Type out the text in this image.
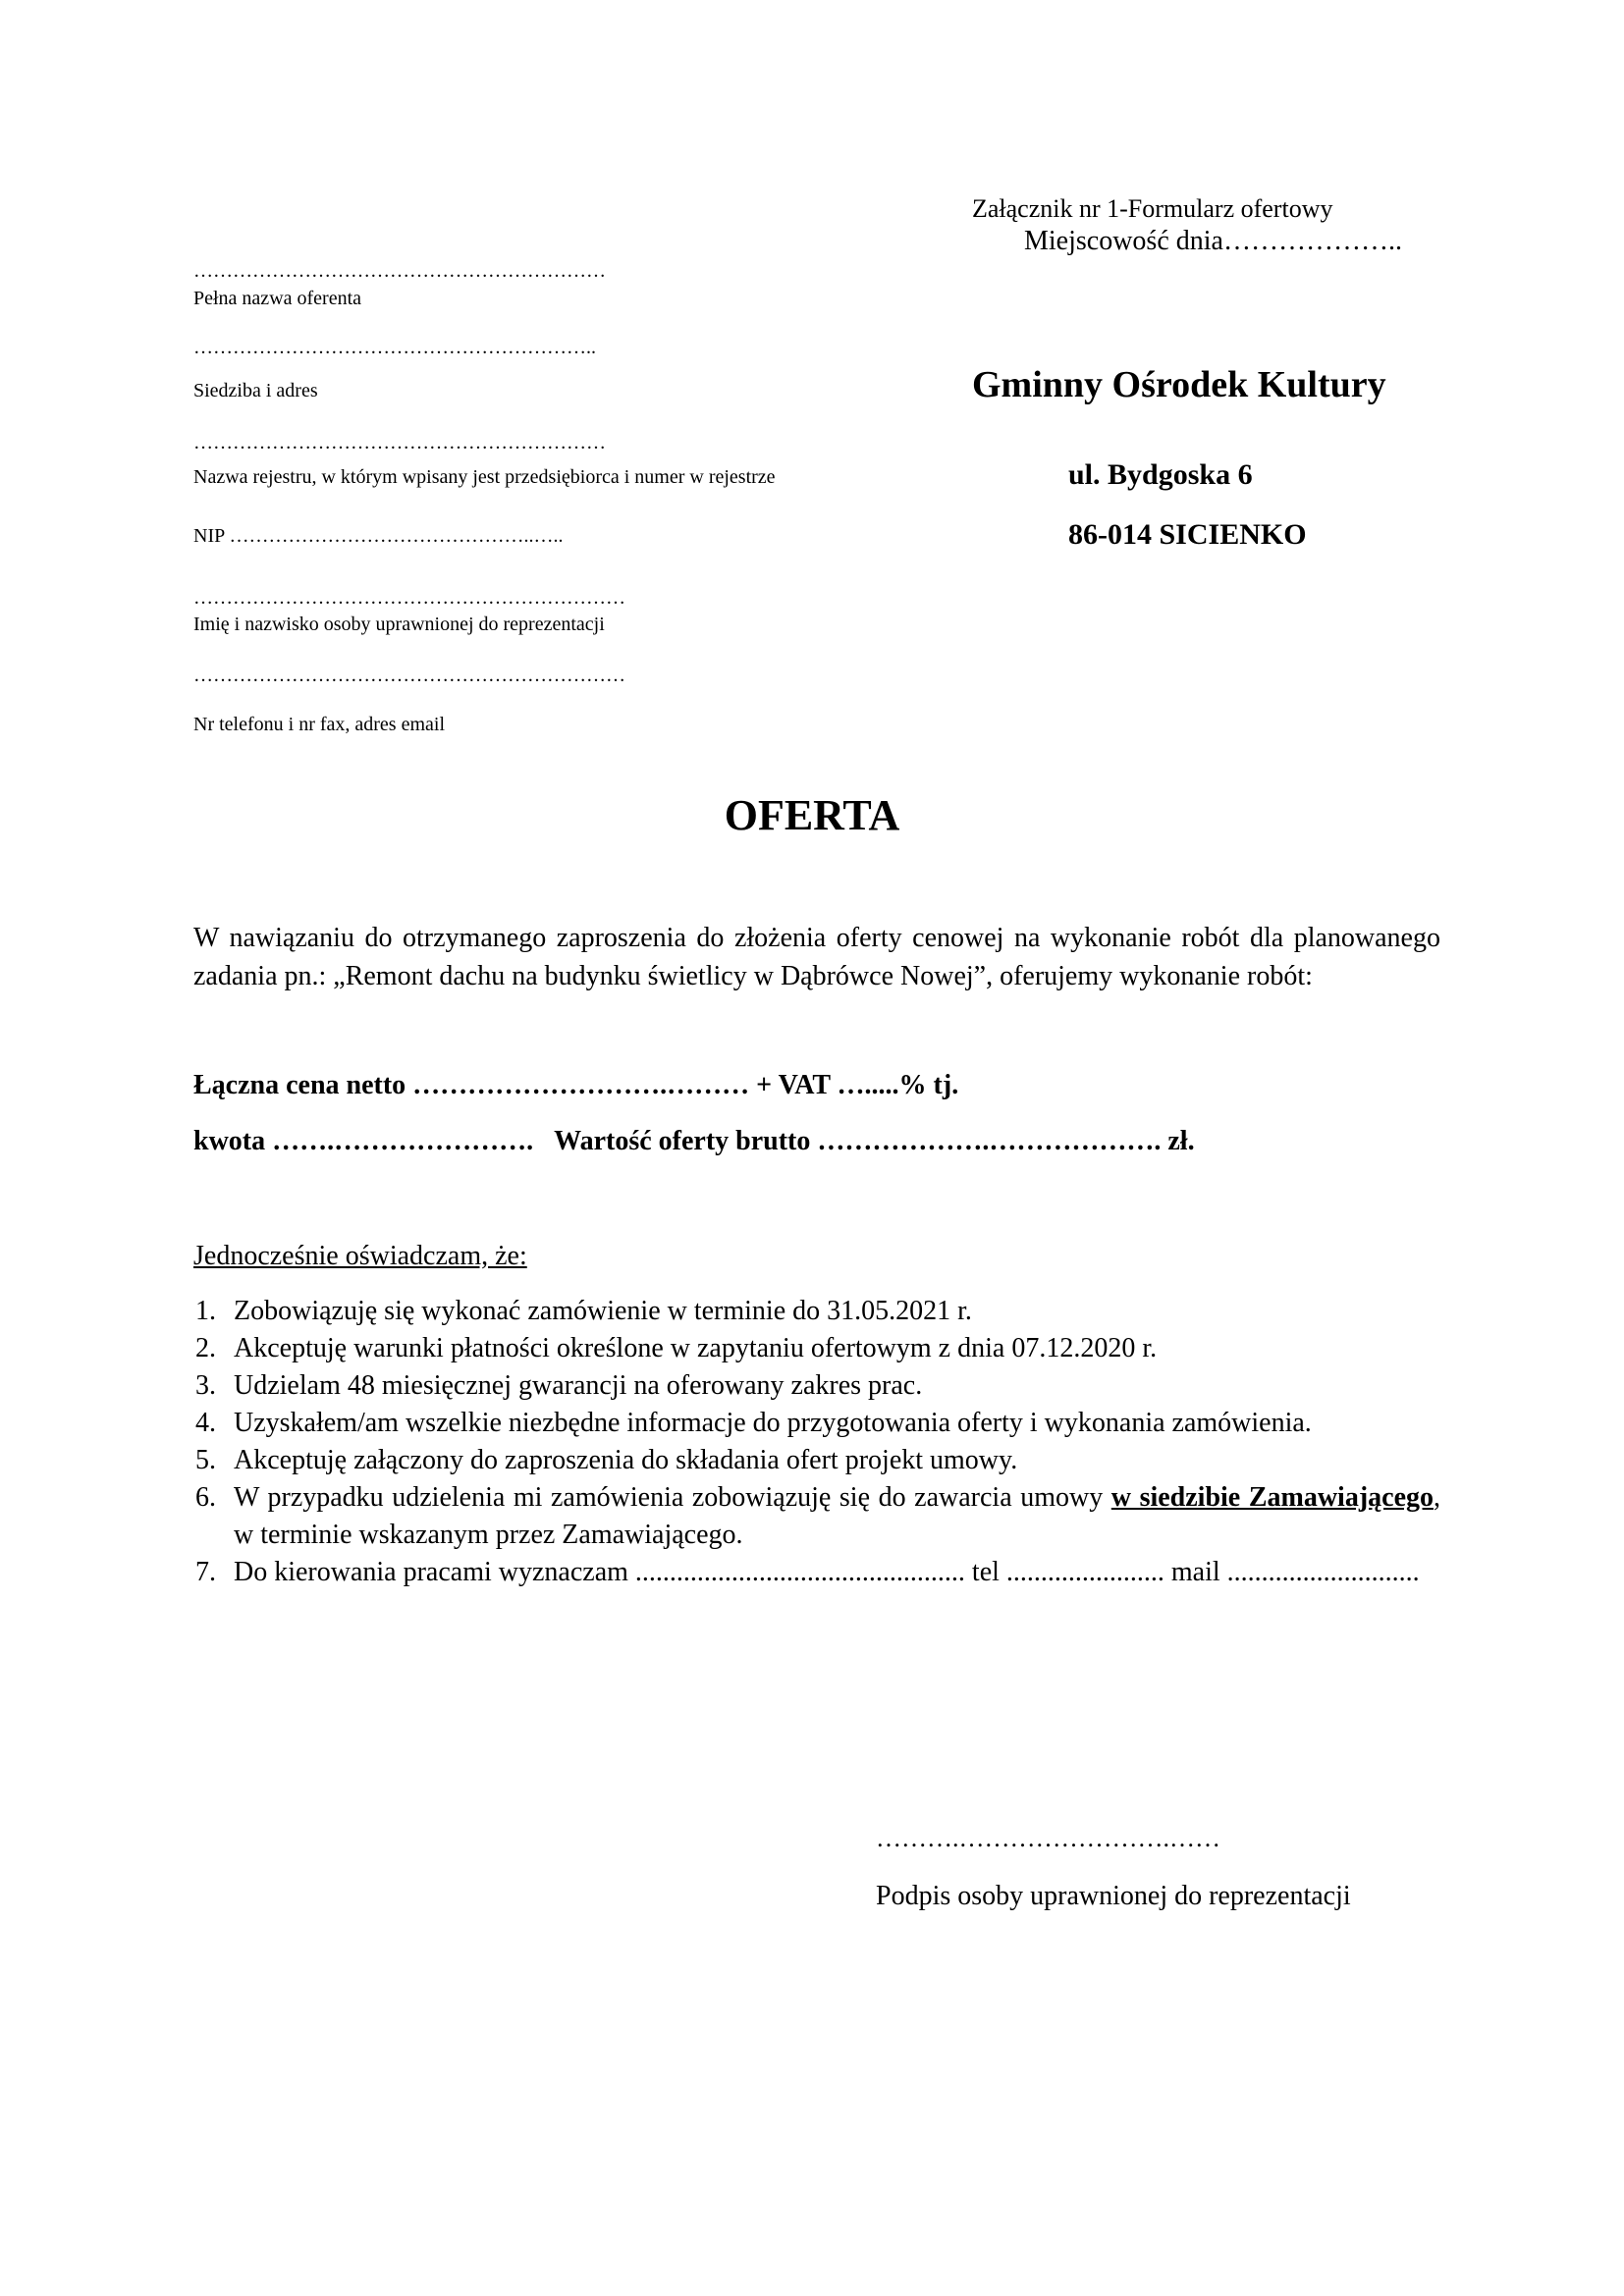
Załącznik nr 1-Formularz ofertowy
Miejscowość dnia………………..
………………………………………………………
Pełna nazwa oferenta
……………………………………………………..
Siedziba i adres
………………………………………………………
Nazwa rejestru, w którym wpisany jest przedsiębiorca i numer w rejestrze
NIP ………………………………………..…..
…………………………………………………………
Imię i nazwisko osoby uprawnionej do reprezentacji
…………………………………………………………
Nr telefonu i nr fax, adres email
Gminny Ośrodek Kultury
ul. Bydgoska 6
86-014 SICIENKO
OFERTA
W nawiązaniu do otrzymanego zaproszenia do złożenia oferty cenowej na wykonanie robót dla planowanego zadania pn.: „Remont dachu na budynku świetlicy w Dąbrówce Nowej”, oferujemy wykonanie robót:
Łączna cena netto ……………………….……… + VAT ….....% tj.
kwota …….…………………. Wartość oferty brutto ……………….………………. zł.
Jednocześnie oświadczam, że:
1. Zobowiązuję się wykonać zamówienie w terminie do 31.05.2021 r.
2. Akceptuję warunki płatności określone w zapytaniu ofertowym z dnia 07.12.2020 r.
3. Udzielam 48 miesięcznej gwarancji na oferowany zakres prac.
4. Uzyskałem/am wszelkie niezbędne informacje do przygotowania oferty i wykonania zamówienia.
5. Akceptuję załączony do zaproszenia do składania ofert projekt umowy.
6. W przypadku udzielenia mi zamówienia zobowiązuję się do zawarcia umowy w siedzibie Zamawiającego, w terminie wskazanym przez Zamawiającego.
7. Do kierowania pracami wyznaczam ................................................ tel ....................... mail ............................
……….…………………….……
Podpis osoby uprawnionej do reprezentacji
